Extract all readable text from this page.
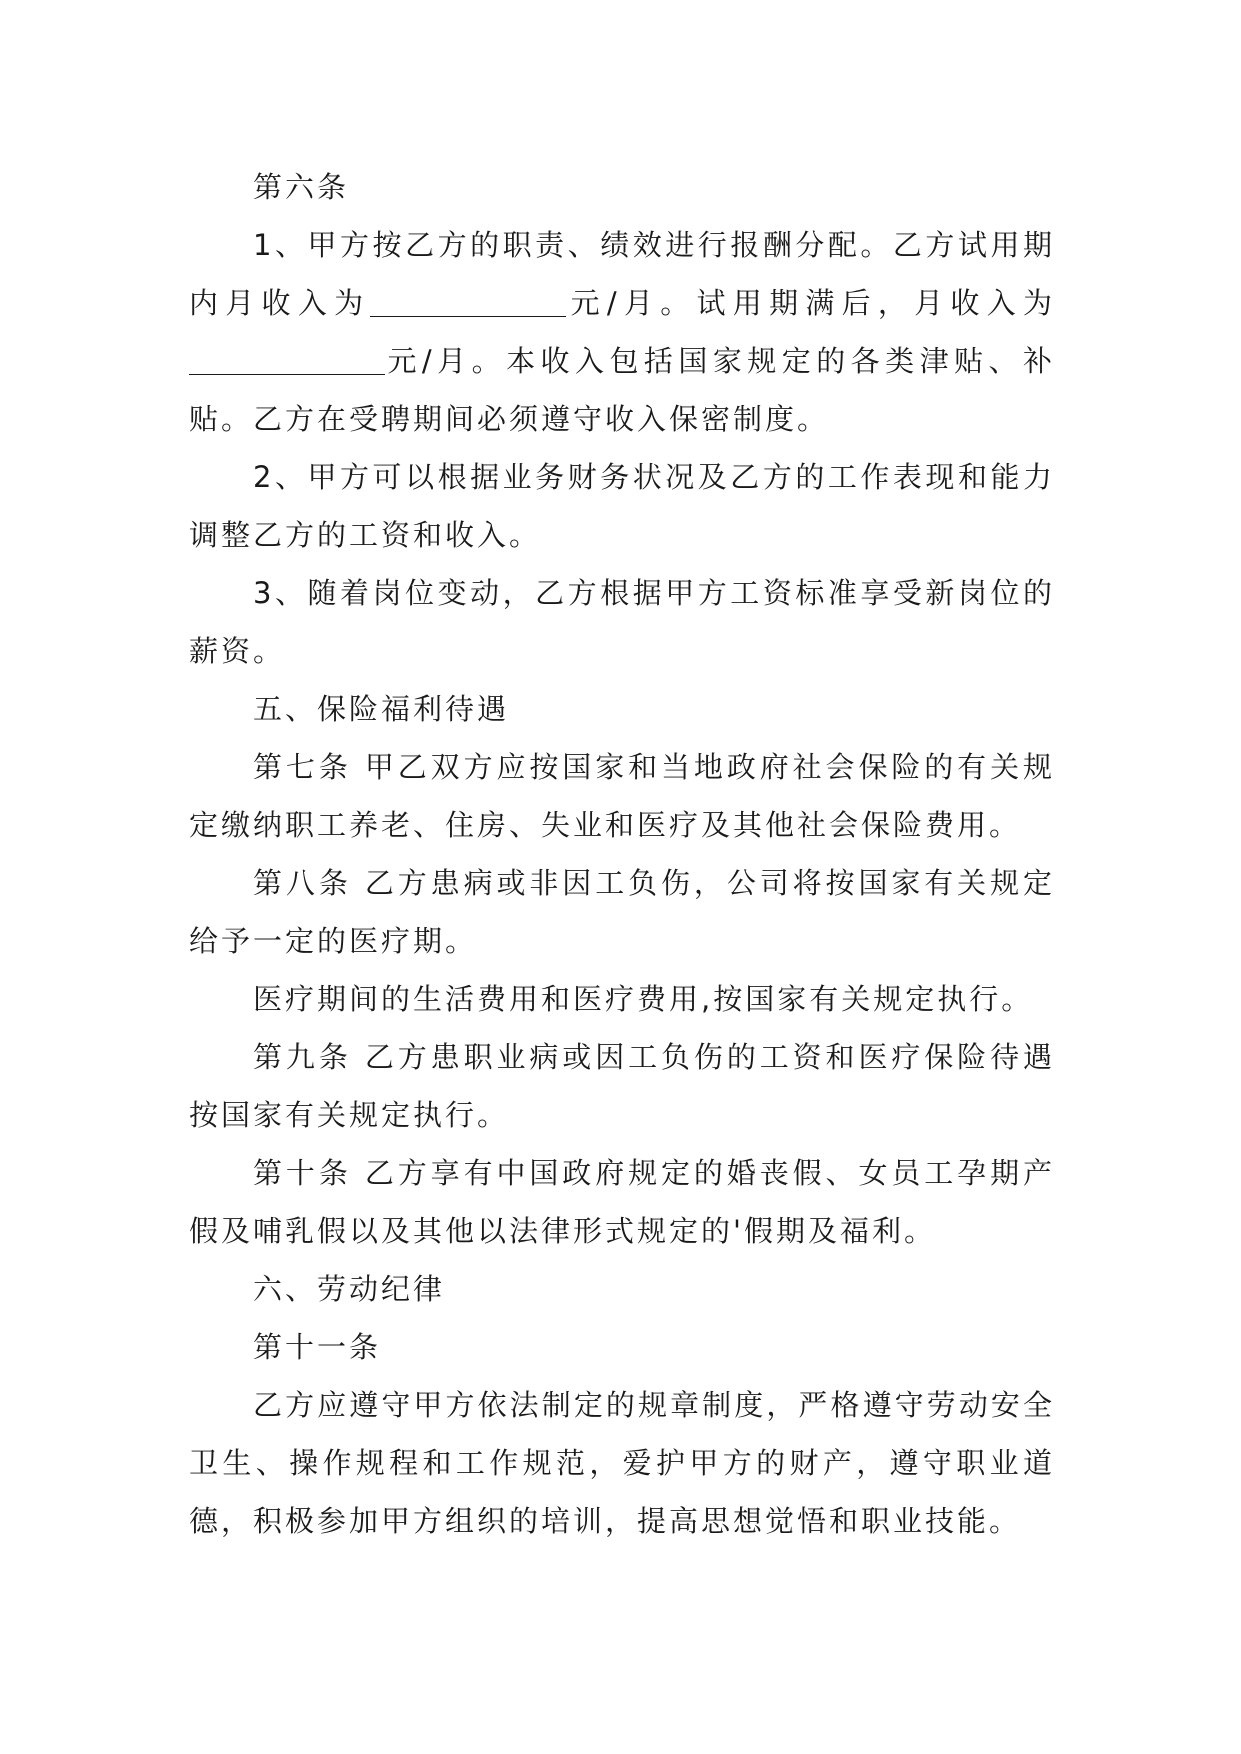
第六条

1、甲方按乙方的职责、绩效进行报酬分配。乙方试用期内月收入为	元/月。试用期满后，月收入为元/月。本收入包括国家规定的各类津贴、补贴。乙方在受聘期间必须遵守收入保密制度。

2、甲方可以根据业务财务状况及乙方的工作表现和能力调整乙方的工资和收入。

3、随着岗位变动，乙方根据甲方工资标准享受新岗位的薪资。

五、保险福利待遇

第七条 甲乙双方应按国家和当地政府社会保险的有关规定缴纳职工养老、住房、失业和医疗及其他社会保险费用。

第八条 乙方患病或非因工负伤，公司将按国家有关规定给予一定的医疗期。

医疗期间的生活费用和医疗费用,按国家有关规定执行。

第九条 乙方患职业病或因工负伤的工资和医疗保险待遇按国家有关规定执行。

第十条 乙方享有中国政府规定的婚丧假、女员工孕期产假及哺乳假以及其他以法律形式规定的'假期及福利。

六、劳动纪律

第十一条

乙方应遵守甲方依法制定的规章制度，严格遵守劳动安全卫生、操作规程和工作规范，爱护甲方的财产，遵守职业道德，积极参加甲方组织的培训，提高思想觉悟和职业技能。
